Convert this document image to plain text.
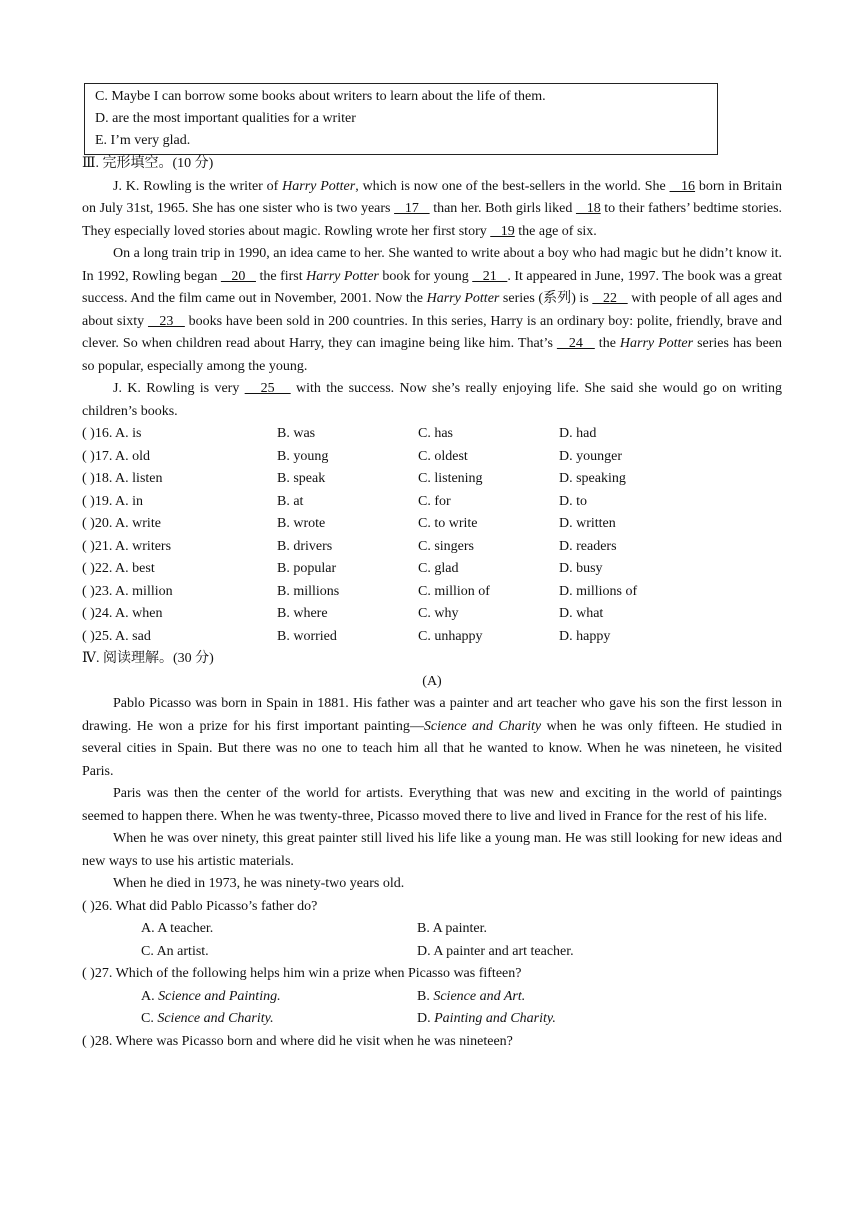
C. Maybe I can borrow some books about writers to learn about the life of them.
D. are the most important qualities for a writer
E. I’m very glad.

Ⅲ. 完形填空。(10 分)

J. K. Rowling is the writer of Harry Potter, which is now one of the best-sellers in the world. She    16 born in Britain on July 31st, 1965. She has one sister who is two years    17    than her. Both girls liked    18 to their fathers’ bedtime stories. They especially loved stories about magic. Rowling wrote her first story    19 the age of six.

On a long train trip in 1990, an idea came to her. She wanted to write about a boy who had magic but he didn’t know it. In 1992, Rowling began    20    the first Harry Potter book for young    21   . It appeared in June, 1997. The book was a great success. And the film came out in November, 2001. Now the Harry Potter series (系列) is    22    with people of all ages and about sixty    23    books have been sold in 200 countries. In this series, Harry is an ordinary boy: polite, friendly, brave and clever. So when children read about Harry, they can imagine being like him. That’s    24    the Harry Potter series has been so popular, especially among the young.

J. K. Rowling is very    25    with the success. Now she’s really enjoying life. She said she would go on writing children’s books.

( )16. A. is	B. was	C. has	D. had
( )17. A. old	B. young	C. oldest	D. younger
( )18. A. listen	B. speak	C. listening	D. speaking
( )19. A. in	B. at	C. for	D. to
( )20. A. write	B. wrote	C. to write	D. written
( )21. A. writers	B. drivers	C. singers	D. readers
( )22. A. best	B. popular	C. glad	D. busy
( )23. A. million	B. millions	C. million of	D. millions of
( )24. A. when	B. where	C. why	D. what
( )25. A. sad	B. worried	C. unhappy	D. happy

Ⅳ. 阅读理解。(30 分)

(A)

Pablo Picasso was born in Spain in 1881. His father was a painter and art teacher who gave his son the first lesson in drawing. He won a prize for his first important painting—Science and Charity when he was only fifteen. He studied in several cities in Spain. But there was no one to teach him all that he wanted to know. When he was nineteen, he visited Paris.

Paris was then the center of the world for artists. Everything that was new and exciting in the world of paintings seemed to happen there. When he was twenty-three, Picasso moved there to live and lived in France for the rest of his life.

When he was over ninety, this great painter still lived his life like a young man. He was still looking for new ideas and new ways to use his artistic materials.

When he died in 1973, he was ninety-two years old.

( )26. What did Pablo Picasso’s father do?

A. A teacher.	B. A painter.
C. An artist.	D. A painter and art teacher.

( )27. Which of the following helps him win a prize when Picasso was fifteen?

A. Science and Painting.	B. Science and Art.
C. Science and Charity.	D. Painting and Charity.

( )28. Where was Picasso born and where did he visit when he was nineteen?
